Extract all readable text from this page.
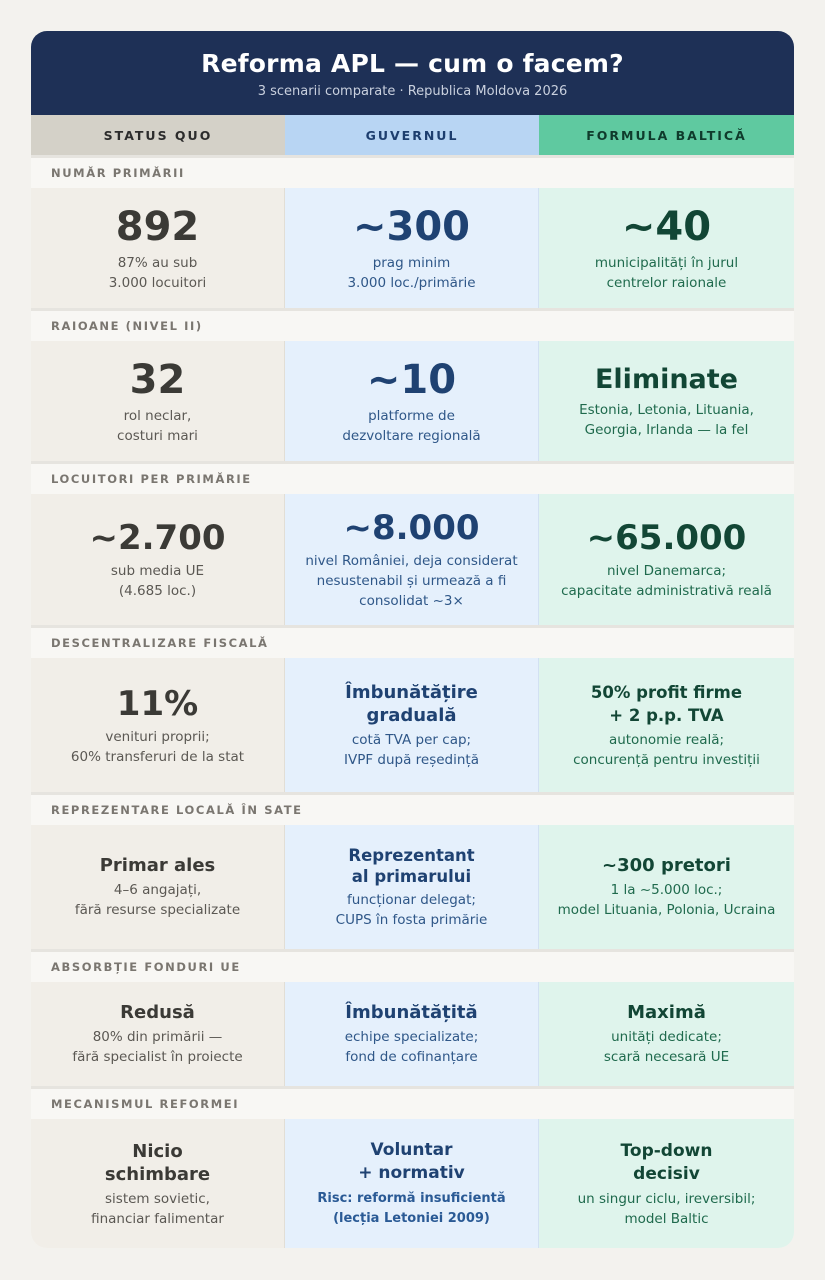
Reforma APL — cum o facem?
3 scenarii comparate · Republica Moldova 2026
STATUS QUO	GUVERNUL	FORMULA BALTICĂ
NUMĂR PRIMĂRII
892
87% au sub
3.000 locuitori
~300
prag minim
3.000 loc./primărie
~40
municipalități în jurul
centrelor raionale
RAIOANE (NIVEL II)
32
rol neclar,
costuri mari
~10
platforme de
dezvoltare regională
Eliminate
Estonia, Letonia, Lituania,
Georgia, Irlanda — la fel
LOCUITORI PER PRIMĂRIE
~2.700
sub media UE
(4.685 loc.)
~8.000
nivel României, deja considerat
nesustenabil și urmează a fi
consolidat ~3×
~65.000
nivel Danemarca;
capacitate administrativă reală
DESCENTRALIZARE FISCALĂ
11%
venituri proprii;
60% transferuri de la stat
Îmbunătățire
graduală
cotă TVA per cap;
IVPF după reședință
50% profit firme
+ 2 p.p. TVA
autonomie reală;
concurență pentru investiții
REPREZENTARE LOCALĂ ÎN SATE
Primar ales
4–6 angajați,
fără resurse specializate
Reprezentant
al primarului
funcționar delegat;
CUPS în fosta primărie
~300 pretori
1 la ~5.000 loc.;
model Lituania, Polonia, Ucraina
ABSORBȚIE FONDURI UE
Redusă
80% din primării —
fără specialist în proiecte
Îmbunătățită
echipe specializate;
fond de cofinanțare
Maximă
unități dedicate;
scară necesară UE
MECANISMUL REFORMEI
Nicio
schimbare
sistem sovietic,
financiar falimentar
Voluntar
+ normativ
Risc: reformă insuficientă
(lecția Letoniei 2009)
Top-down
decisiv
un singur ciclu, ireversibil;
model Baltic
